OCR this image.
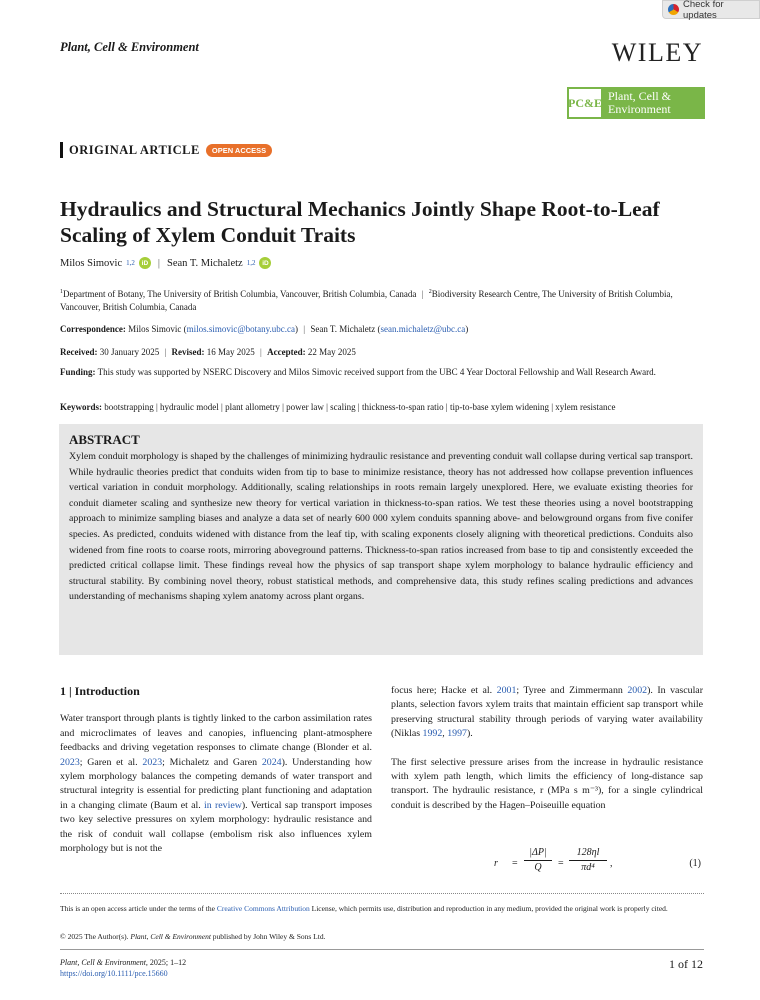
Check for updates
Plant, Cell & Environment	WILEY
PC&E Plant, Cell &
Environment
ORIGINAL ARTICLE	OPEN ACCESS
Hydraulics and Structural Mechanics Jointly Shape Root-to-Leaf Scaling of Xylem Conduit Traits
Milos Simovic 1,2	iD | Sean T. Michaletz 1,2	iD
$^1$Department of Botany, The University of British Columbia, Vancouver, British Columbia, Canada | $^2$Biodiversity Research Centre, The University of British Columbia, Vancouver, British Columbia, Canada
Correspondence: Milos Simovic (milos.simovic@botany.ubc.ca) | Sean T. Michaletz (sean.michaletz@ubc.ca)
Received: 30 January 2025 | Revised: 16 May 2025 | Accepted: 22 May 2025
Funding: This study was supported by NSERC Discovery and Milos Simovic received support from the UBC 4 Year Doctoral Fellowship and Wall Research Award.
Keywords: bootstrapping | hydraulic model | plant allometry | power law | scaling | thickness-to-span ratio | tip-to-base xylem widening | xylem resistance
ABSTRACT

Xylem conduit morphology is shaped by the challenges of minimizing hydraulic resistance and preventing conduit wall collapse during vertical sap transport. While hydraulic theories predict that conduits widen from tip to base to minimize resistance, theory has not addressed how collapse prevention influences vertical variation in conduit morphology. Additionally, scaling relationships in roots remain largely unexplored. Here, we evaluate existing theories for conduit diameter scaling and synthesize new theory for vertical variation in thickness-to-span ratios. We test these theories using a novel bootstrapping approach to minimize sampling biases and analyze a data set of nearly 600 000 xylem conduits spanning above- and belowground organs from five conifer species. As predicted, conduits widened with distance from the leaf tip, with scaling exponents closely aligning with theoretical predictions. Conduits also widened from fine roots to coarse roots, mirroring aboveground patterns. Thickness-to-span ratios increased from base to tip and consistently exceeded the predicted critical collapse limit. These findings reveal how the physics of sap transport shape xylem morphology to balance hydraulic efficiency and structural stability. By combining novel theory, robust statistical methods, and comprehensive data, this study refines scaling predictions and advances understanding of mechanisms shaping xylem anatomy across plant organs.

1 | Introduction

Water transport through plants is tightly linked to the carbon assimilation rates and microclimates of leaves and canopies, influencing plant-atmosphere feedbacks and driving vegetation responses to climate change (Blonder et al. 2023; Garen et al. 2023; Michaletz and Garen 2024). Understanding how xylem morphology balances the competing demands of water transport and structural integrity is essential for predicting plant functioning and adaptation in a changing climate (Baum et al. in review). Vertical sap transport imposes two key selective pressures on xylem morphology: hydraulic resistance and the risk of conduit wall collapse (embolism risk also influences xylem morphology but is not the

focus here; Hacke et al. 2001; Tyree and Zimmermann 2002). In vascular plants, selection favors xylem traits that maintain efficient sap transport while preserving structural stability through periods of varying water availability (Niklas 1992, 1997).

The first selective pressure arises from the increase in hydraulic resistance with xylem path length, which limits the efficiency of long-distance sap transport. The hydraulic resistance, r (MPa s m⁻³), for a single cylindrical conduit is described by the Hagen–Poiseuille equation

$r = \frac{|\Delta P|}{Q} = \frac{128\eta l}{\text{πd⁴}}$ ,	(1)
This is an open access article under the terms of the Creative Commons Attribution License, which permits use, distribution and reproduction in any medium, provided the original work is properly cited.
© 2025 The Author(s). Plant, Cell & Environment published by John Wiley & Sons Ltd.
Plant, Cell & Environment, 2025; 1–12
https://doi.org/10.1111/pce.15660
1 of 12
